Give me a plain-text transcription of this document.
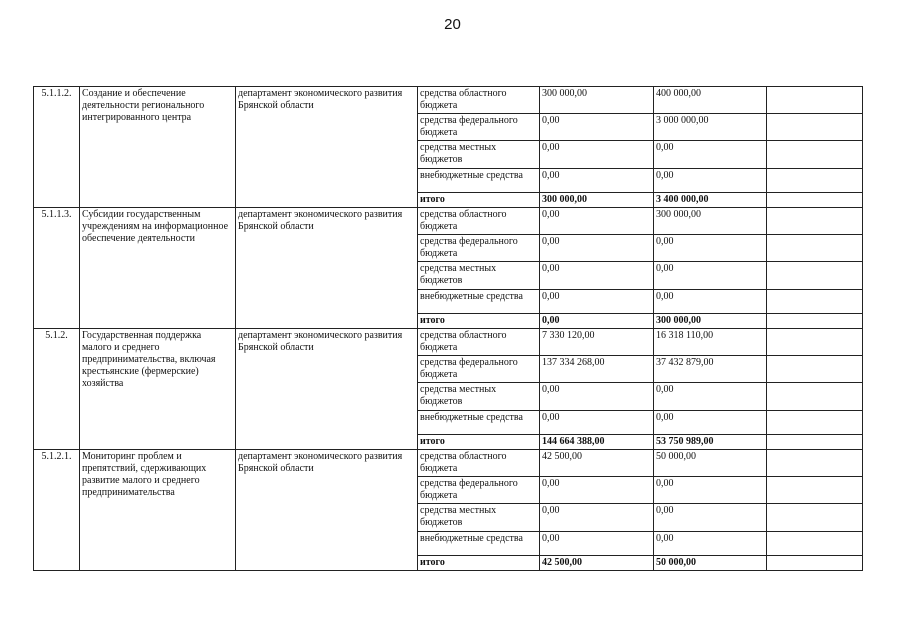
20
5.1.1.2.	Создание и обеспечение деятельности регионального интегрированного центра	департамент экономического развития Брянской области	средства областного бюджета	300 000,00	400 000,00	
			средства федерального бюджета	0,00	3 000 000,00	
			средства местных бюджетов	0,00	0,00	
			внебюджетные средства	0,00	0,00	
			итого	300 000,00	3 400 000,00	
5.1.1.3.	Субсидии государственным учреждениям на информационное обеспечение деятельности	департамент экономического развития Брянской области	средства областного бюджета	0,00	300 000,00	
			средства федерального бюджета	0,00	0,00	
			средства местных бюджетов	0,00	0,00	
			внебюджетные средства	0,00	0,00	
			итого	0,00	300 000,00	
5.1.2.	Государственная поддержка малого и среднего предпринимательства, включая крестьянские (фермерские) хозяйства	департамент экономического развития Брянской области	средства областного бюджета	7 330 120,00	16 318 110,00	
			средства федерального бюджета	137 334 268,00	37 432 879,00	
			средства местных бюджетов	0,00	0,00	
			внебюджетные средства	0,00	0,00	
			итого	144 664 388,00	53 750 989,00	
5.1.2.1.	Мониторинг проблем и препятствий, сдерживающих развитие малого и среднего предпринимательства	департамент экономического развития Брянской области	средства областного бюджета	42 500,00	50 000,00	
			средства федерального бюджета	0,00	0,00	
			средства местных бюджетов	0,00	0,00	
			внебюджетные средства	0,00	0,00	
			итого	42 500,00	50 000,00	
